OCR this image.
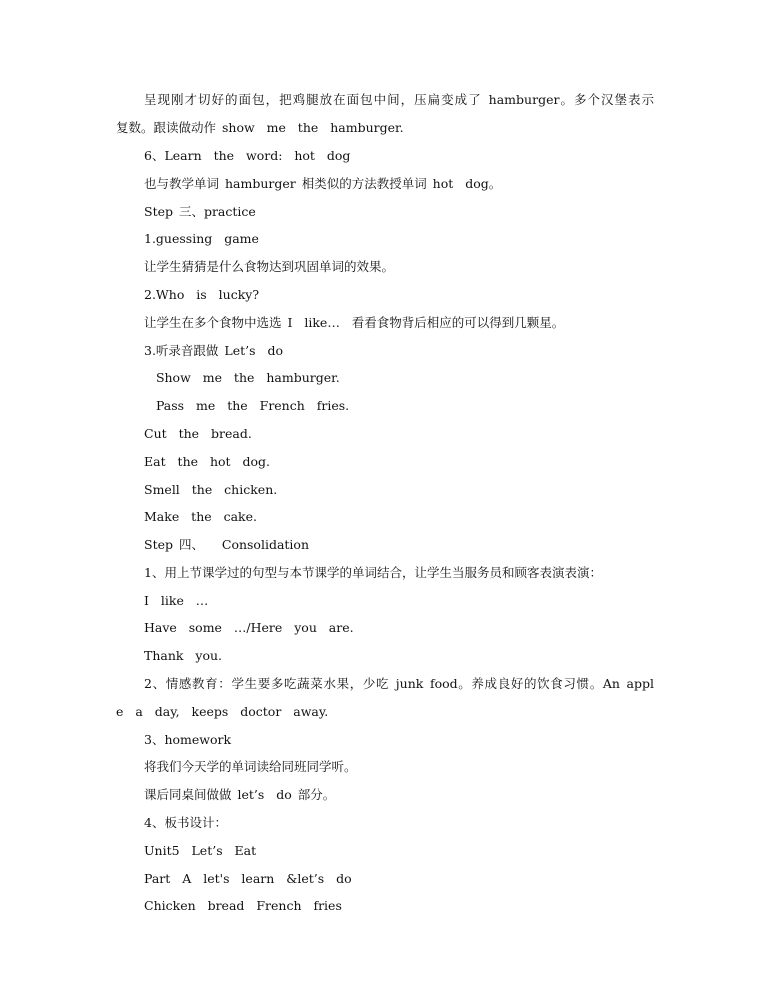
呈现刚才切好的面包，把鸡腿放在面包中间，压扁变成了 hamburger。多个汉堡表示

复数。跟读做动作 show  me  the  hamburger.

6、Learn  the  word:  hot  dog

也与教学单词 hamburger 相类似的方法教授单词 hot  dog。

Step 三、practice

1.guessing  game

让学生猜猜是什么食物达到巩固单词的效果。

2.Who  is  lucky?

让学生在多个食物中选选 I  like…  看看食物背后相应的可以得到几颗星。

3.听录音跟做 Let’s  do

Show  me  the  hamburger.

Pass  me  the  French  fries.

Cut  the  bread.

Eat  the  hot  dog.

Smell  the  chicken.

Make  the  cake.

Step 四、   Consolidation

1、用上节课学过的句型与本节课学的单词结合，让学生当服务员和顾客表演表演：

I  like  …

Have  some  …/Here  you  are.

Thank  you.

2、情感教育：学生要多吃蔬菜水果，少吃 junk food。养成良好的饮食习惯。An appl

e  a  day,  keeps  doctor  away.

3、homework

将我们今天学的单词读给同班同学听。

课后同桌间做做 let’s  do 部分。

4、板书设计：

Unit5  Let’s  Eat

Part  A  let's  learn  &let’s  do

Chicken  bread  French  fries
